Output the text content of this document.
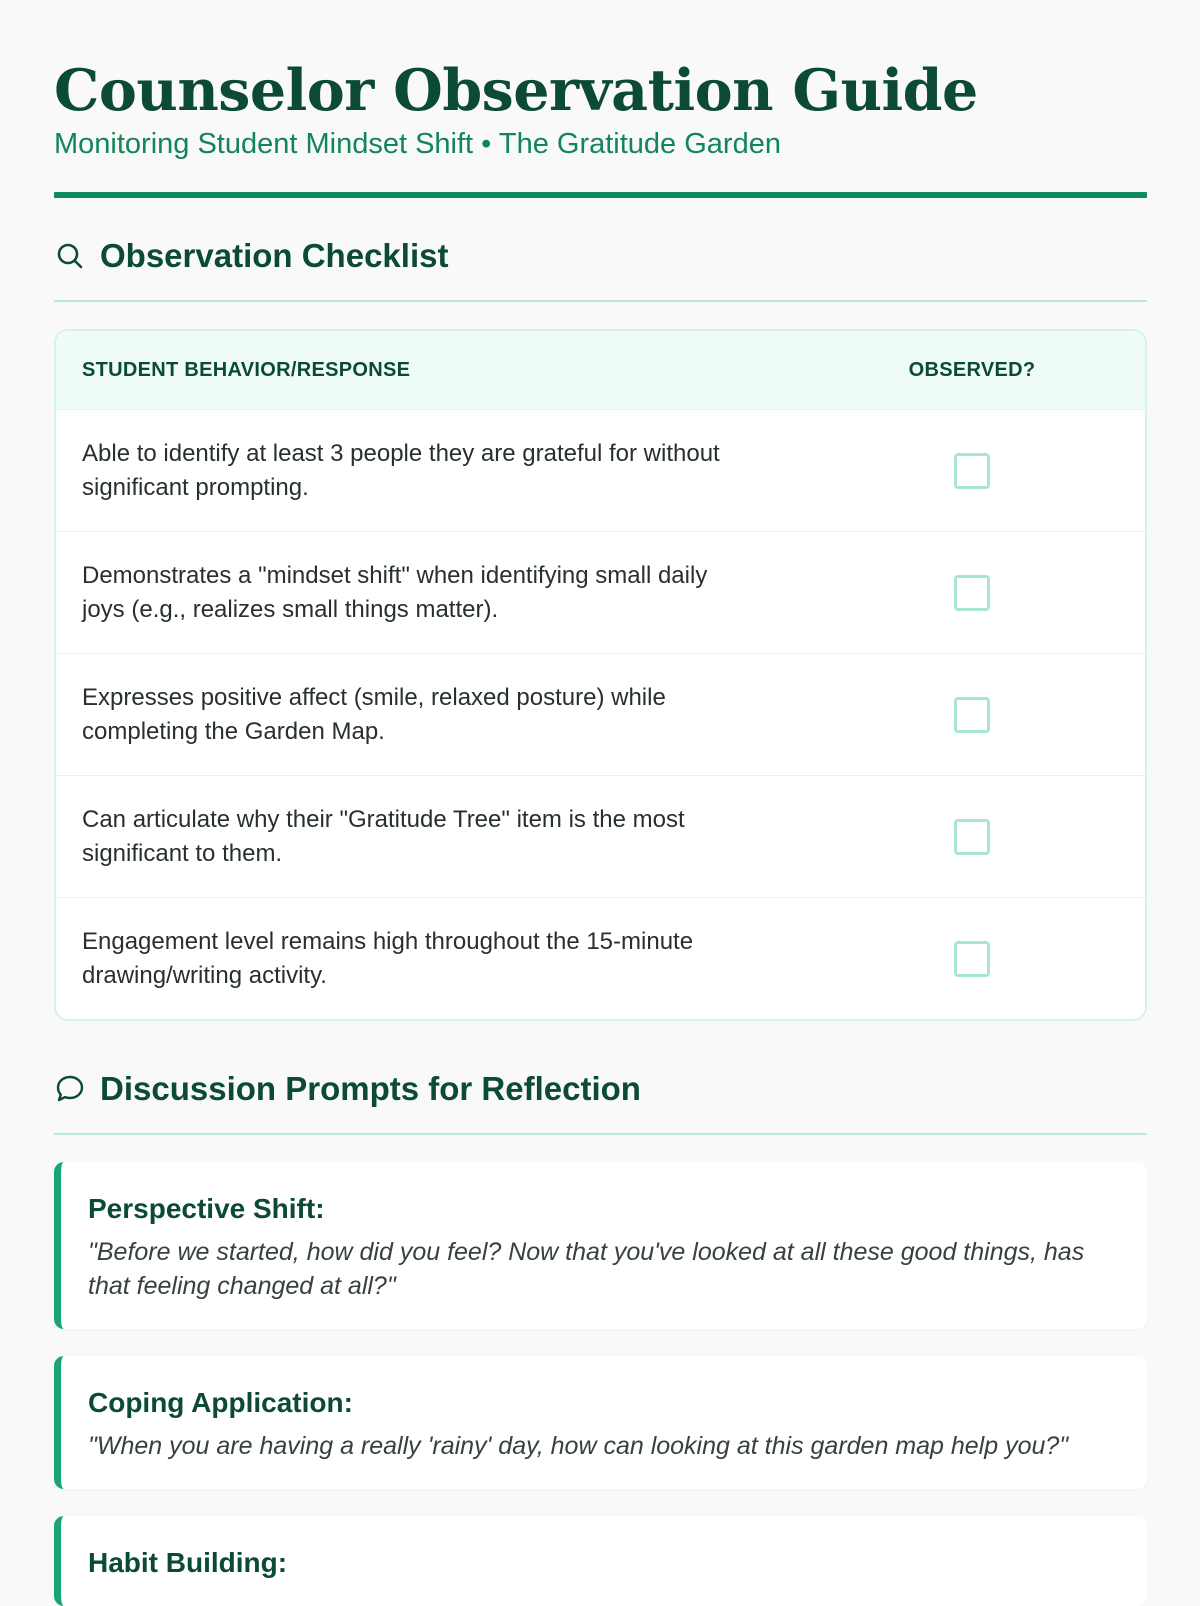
Counselor Observation Guide
Monitoring Student Mindset Shift • The Gratitude Garden
Observation Checklist
STUDENT BEHAVIOR/RESPONSE	OBSERVED?
Able to identify at least 3 people they are grateful for without significant prompting.
Demonstrates a "mindset shift" when identifying small daily joys (e.g., realizes small things matter).
Expresses positive affect (smile, relaxed posture) while completing the Garden Map.
Can articulate why their "Gratitude Tree" item is the most significant to them.
Engagement level remains high throughout the 15-minute drawing/writing activity.
Discussion Prompts for Reflection
Perspective Shift:
"Before we started, how did you feel? Now that you've looked at all these good things, has that feeling changed at all?"
Coping Application:
"When you are having a really 'rainy' day, how can looking at this garden map help you?"
Habit Building:
